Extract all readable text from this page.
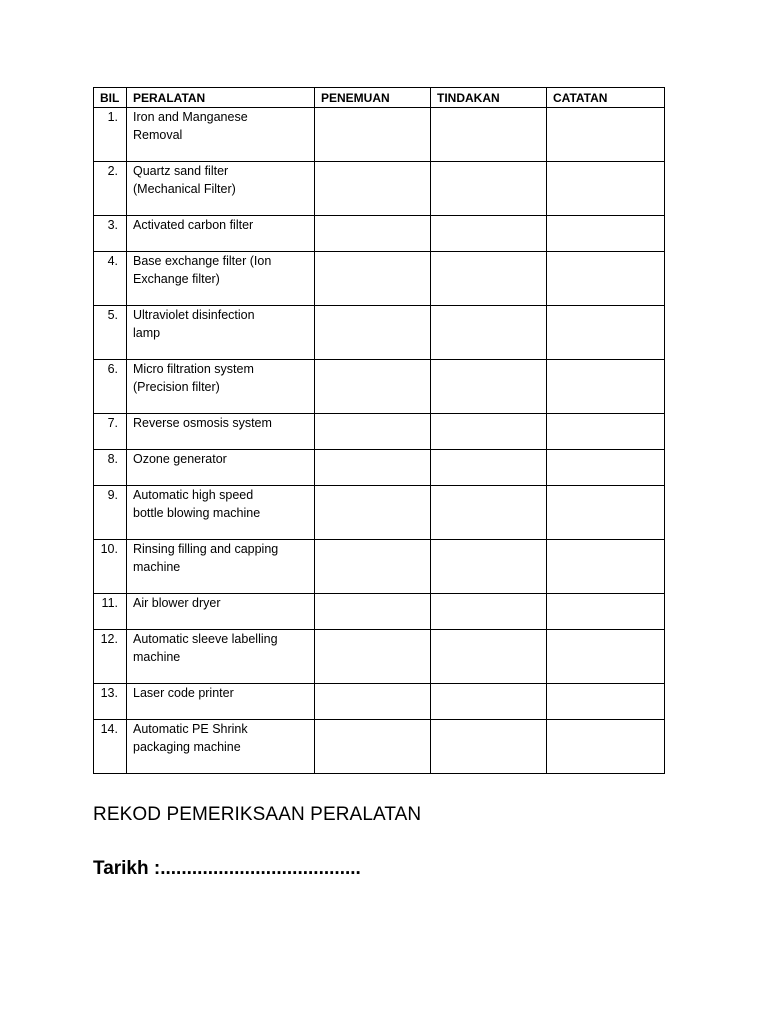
BIL	PERALATAN	PENEMUAN	TINDAKAN	CATATAN
1.	Iron and Manganese
Removal			

2.	Quartz sand filter
(Mechanical Filter)			

3.	Activated carbon filter			

4.	Base exchange filter (Ion
Exchange filter)			

5.	Ultraviolet disinfection
lamp			

6.	Micro filtration system
(Precision filter)			

7.	Reverse osmosis system			

8.	Ozone generator			

9.	Automatic high speed
bottle blowing machine			

10.	Rinsing filling and capping
machine			

11.	Air blower dryer			

12.	Automatic sleeve labelling
machine			

13.	Laser code printer			

14.	Automatic PE Shrink
packaging machine			

REKOD PEMERIKSAAN PERALATAN
Tarikh :......................................
